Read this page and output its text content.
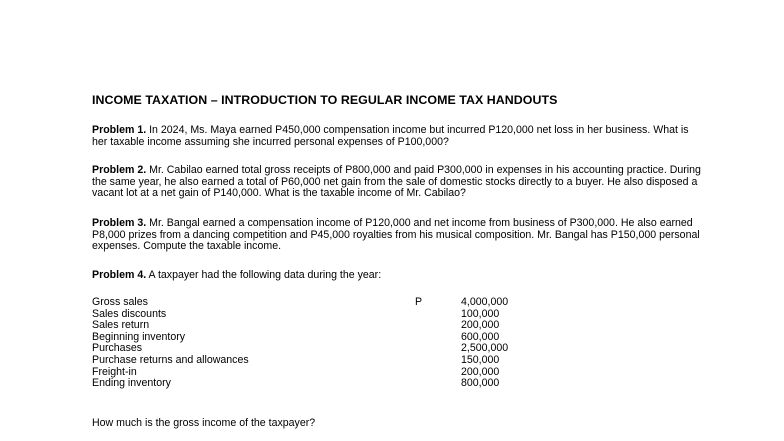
INCOME TAXATION – INTRODUCTION TO REGULAR INCOME TAX HANDOUTS

Problem 1. In 2024, Ms. Maya earned P450,000 compensation income but incurred P120,000 net loss in her business. What is her taxable income assuming she incurred personal expenses of P100,000?

Problem 2. Mr. Cabilao earned total gross receipts of P800,000 and paid P300,000 in expenses in his accounting practice. During the same year, he also earned a total of P60,000 net gain from the sale of domestic stocks directly to a buyer. He also disposed a vacant lot at a net gain of P140,000. What is the taxable income of Mr. Cabilao?

Problem 3. Mr. Bangal earned a compensation income of P120,000 and net income from business of P300,000. He also earned P8,000 prizes from a dancing competition and P45,000 royalties from his musical composition. Mr. Bangal has P150,000 personal expenses. Compute the taxable income.

Problem 4. A taxpayer had the following data during the year:

Gross sales	P	4,000,000
Sales discounts	100,000
Sales return	200,000
Beginning inventory	600,000
Purchases	2,500,000
Purchase returns and allowances	150,000
Freight-in	200,000
Ending inventory	800,000
How much is the gross income of the taxpayer?
